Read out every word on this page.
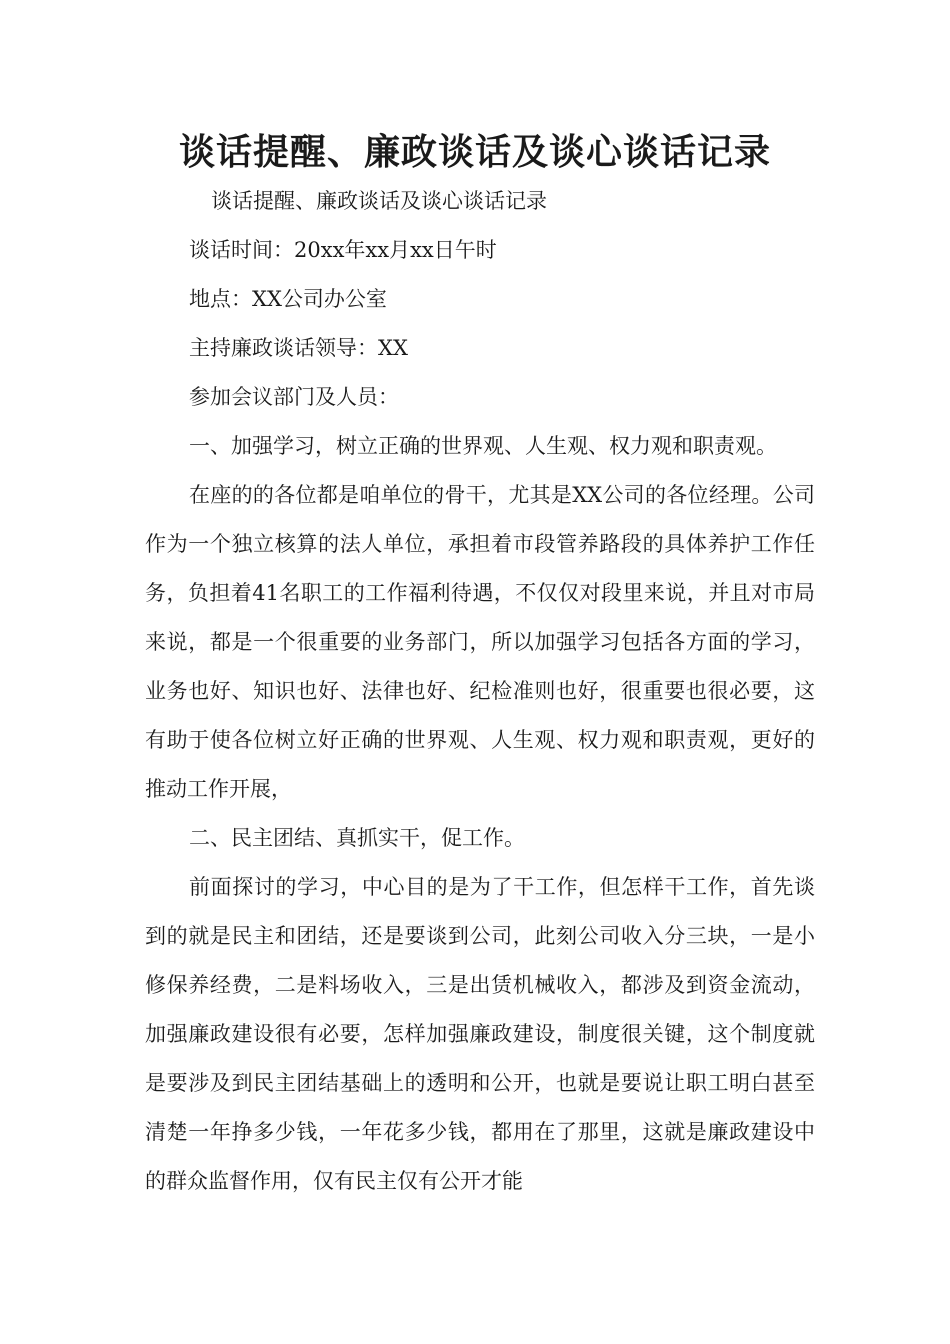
谈话提醒、廉政谈话及谈心谈话记录

谈话提醒、廉政谈话及谈心谈话记录

谈话时间：20xx年xx月xx日午时

地点：XX公司办公室

主持廉政谈话领导：XX

参加会议部门及人员：

一、加强学习，树立正确的世界观、人生观、权力观和职责观。

在座的的各位都是咱单位的骨干，尤其是XX公司的各位经理。公司作为一个独立核算的法人单位，承担着市段管养路段的具体养护工作任务，负担着41名职工的工作福利待遇，不仅仅对段里来说，并且对市局来说，都是一个很重要的业务部门，所以加强学习包括各方面的学习，业务也好、知识也好、法律也好、纪检准则也好，很重要也很必要，这有助于使各位树立好正确的世界观、人生观、权力观和职责观，更好的推动工作开展，

二、民主团结、真抓实干，促工作。

前面探讨的学习，中心目的是为了干工作，但怎样干工作，首先谈到的就是民主和团结，还是要谈到公司，此刻公司收入分三块，一是小修保养经费，二是料场收入，三是出赁机械收入，都涉及到资金流动，加强廉政建设很有必要，怎样加强廉政建设，制度很关键，这个制度就是要涉及到民主团结基础上的透明和公开，也就是要说让职工明白甚至清楚一年挣多少钱，一年花多少钱，都用在了那里，这就是廉政建设中的群众监督作用，仅有民主仅有公开才能
